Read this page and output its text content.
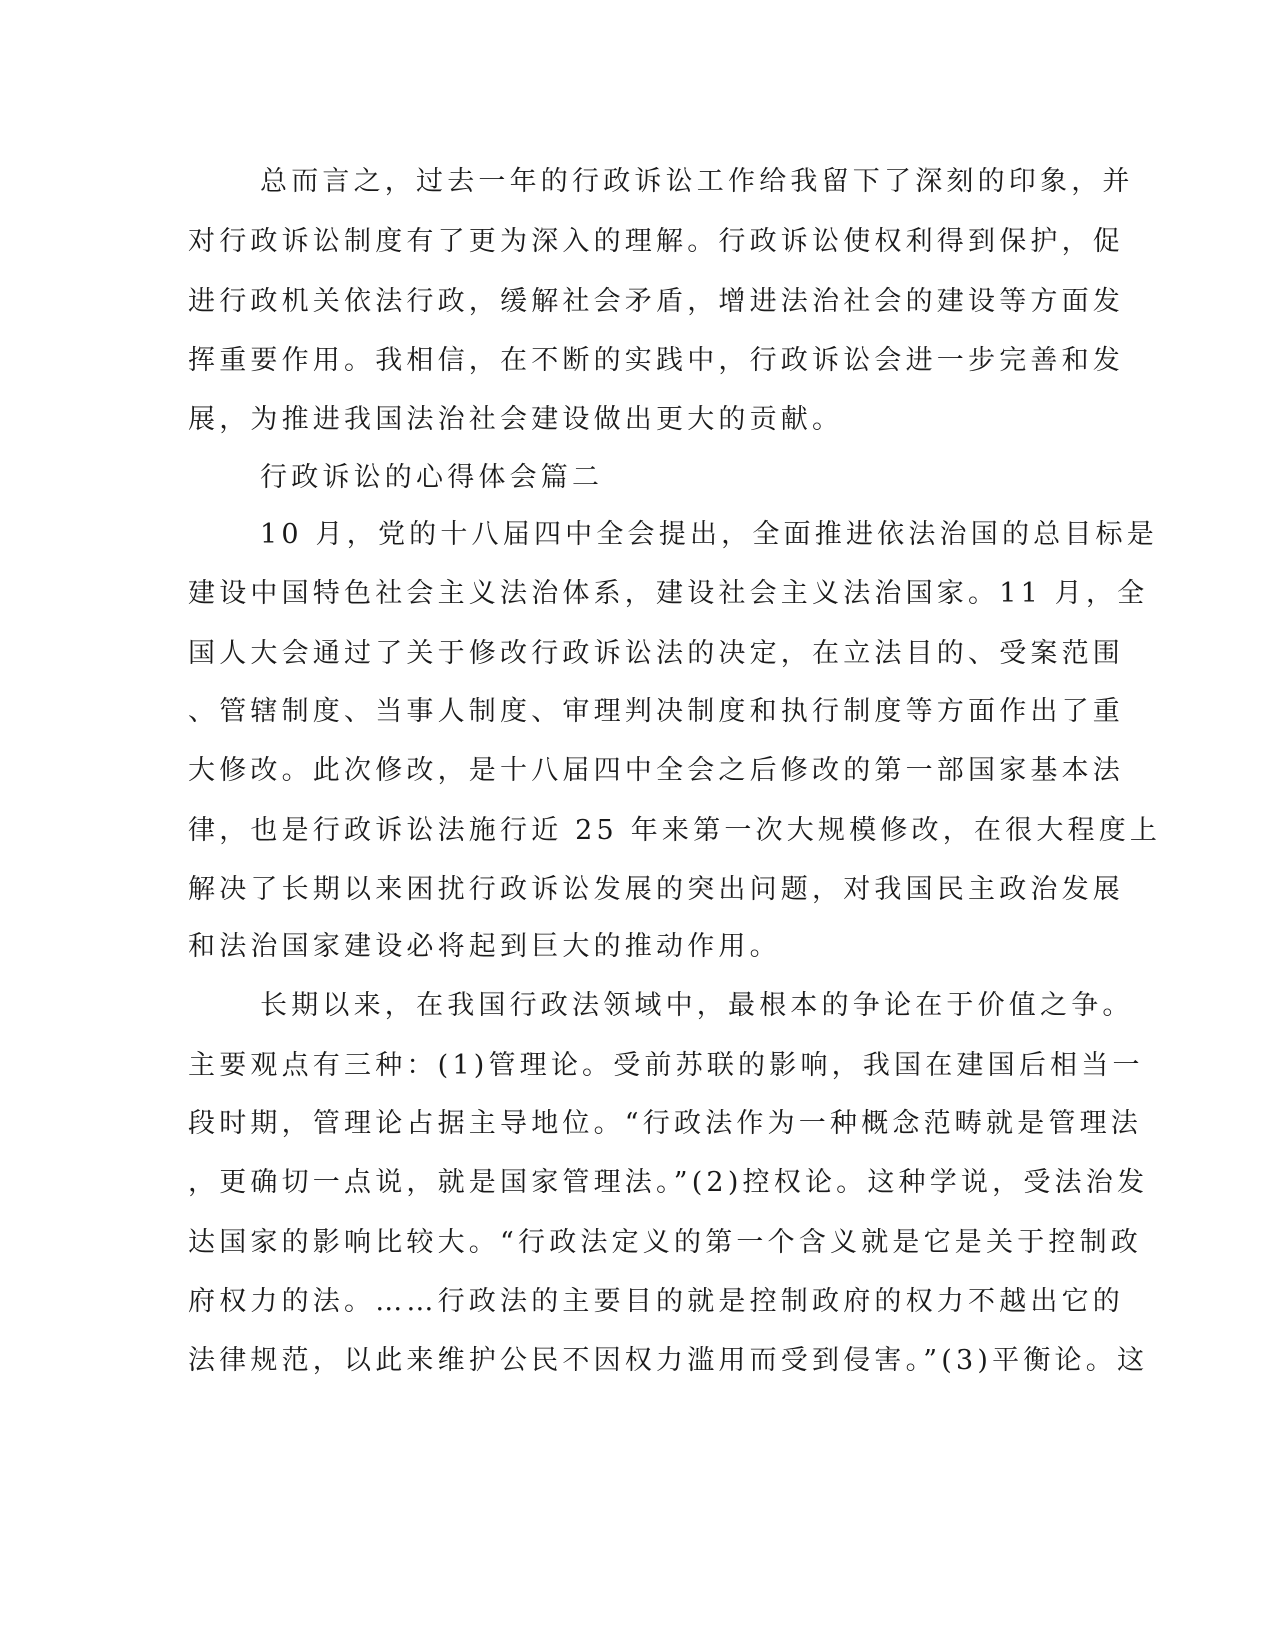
总而言之，过去一年的行政诉讼工作给我留下了深刻的印象，并
对行政诉讼制度有了更为深入的理解。行政诉讼使权利得到保护，促
进行政机关依法行政，缓解社会矛盾，增进法治社会的建设等方面发
挥重要作用。我相信，在不断的实践中，行政诉讼会进一步完善和发
展，为推进我国法治社会建设做出更大的贡献。
行政诉讼的心得体会篇二
10 月，党的十八届四中全会提出，全面推进依法治国的总目标是
建设中国特色社会主义法治体系，建设社会主义法治国家。11 月，全
国人大会通过了关于修改行政诉讼法的决定，在立法目的、受案范围
、管辖制度、当事人制度、审理判决制度和执行制度等方面作出了重
大修改。此次修改，是十八届四中全会之后修改的第一部国家基本法
律，也是行政诉讼法施行近 25 年来第一次大规模修改，在很大程度上
解决了长期以来困扰行政诉讼发展的突出问题，对我国民主政治发展
和法治国家建设必将起到巨大的推动作用。
长期以来，在我国行政法领域中，最根本的争论在于价值之争。
主要观点有三种：(1)管理论。受前苏联的影响，我国在建国后相当一
段时期，管理论占据主导地位。“行政法作为一种概念范畴就是管理法
，更确切一点说，就是国家管理法。”(2)控权论。这种学说，受法治发
达国家的影响比较大。“行政法定义的第一个含义就是它是关于控制政
府权力的法。……行政法的主要目的就是控制政府的权力不越出它的
法律规范，以此来维护公民不因权力滥用而受到侵害。”(3)平衡论。这
